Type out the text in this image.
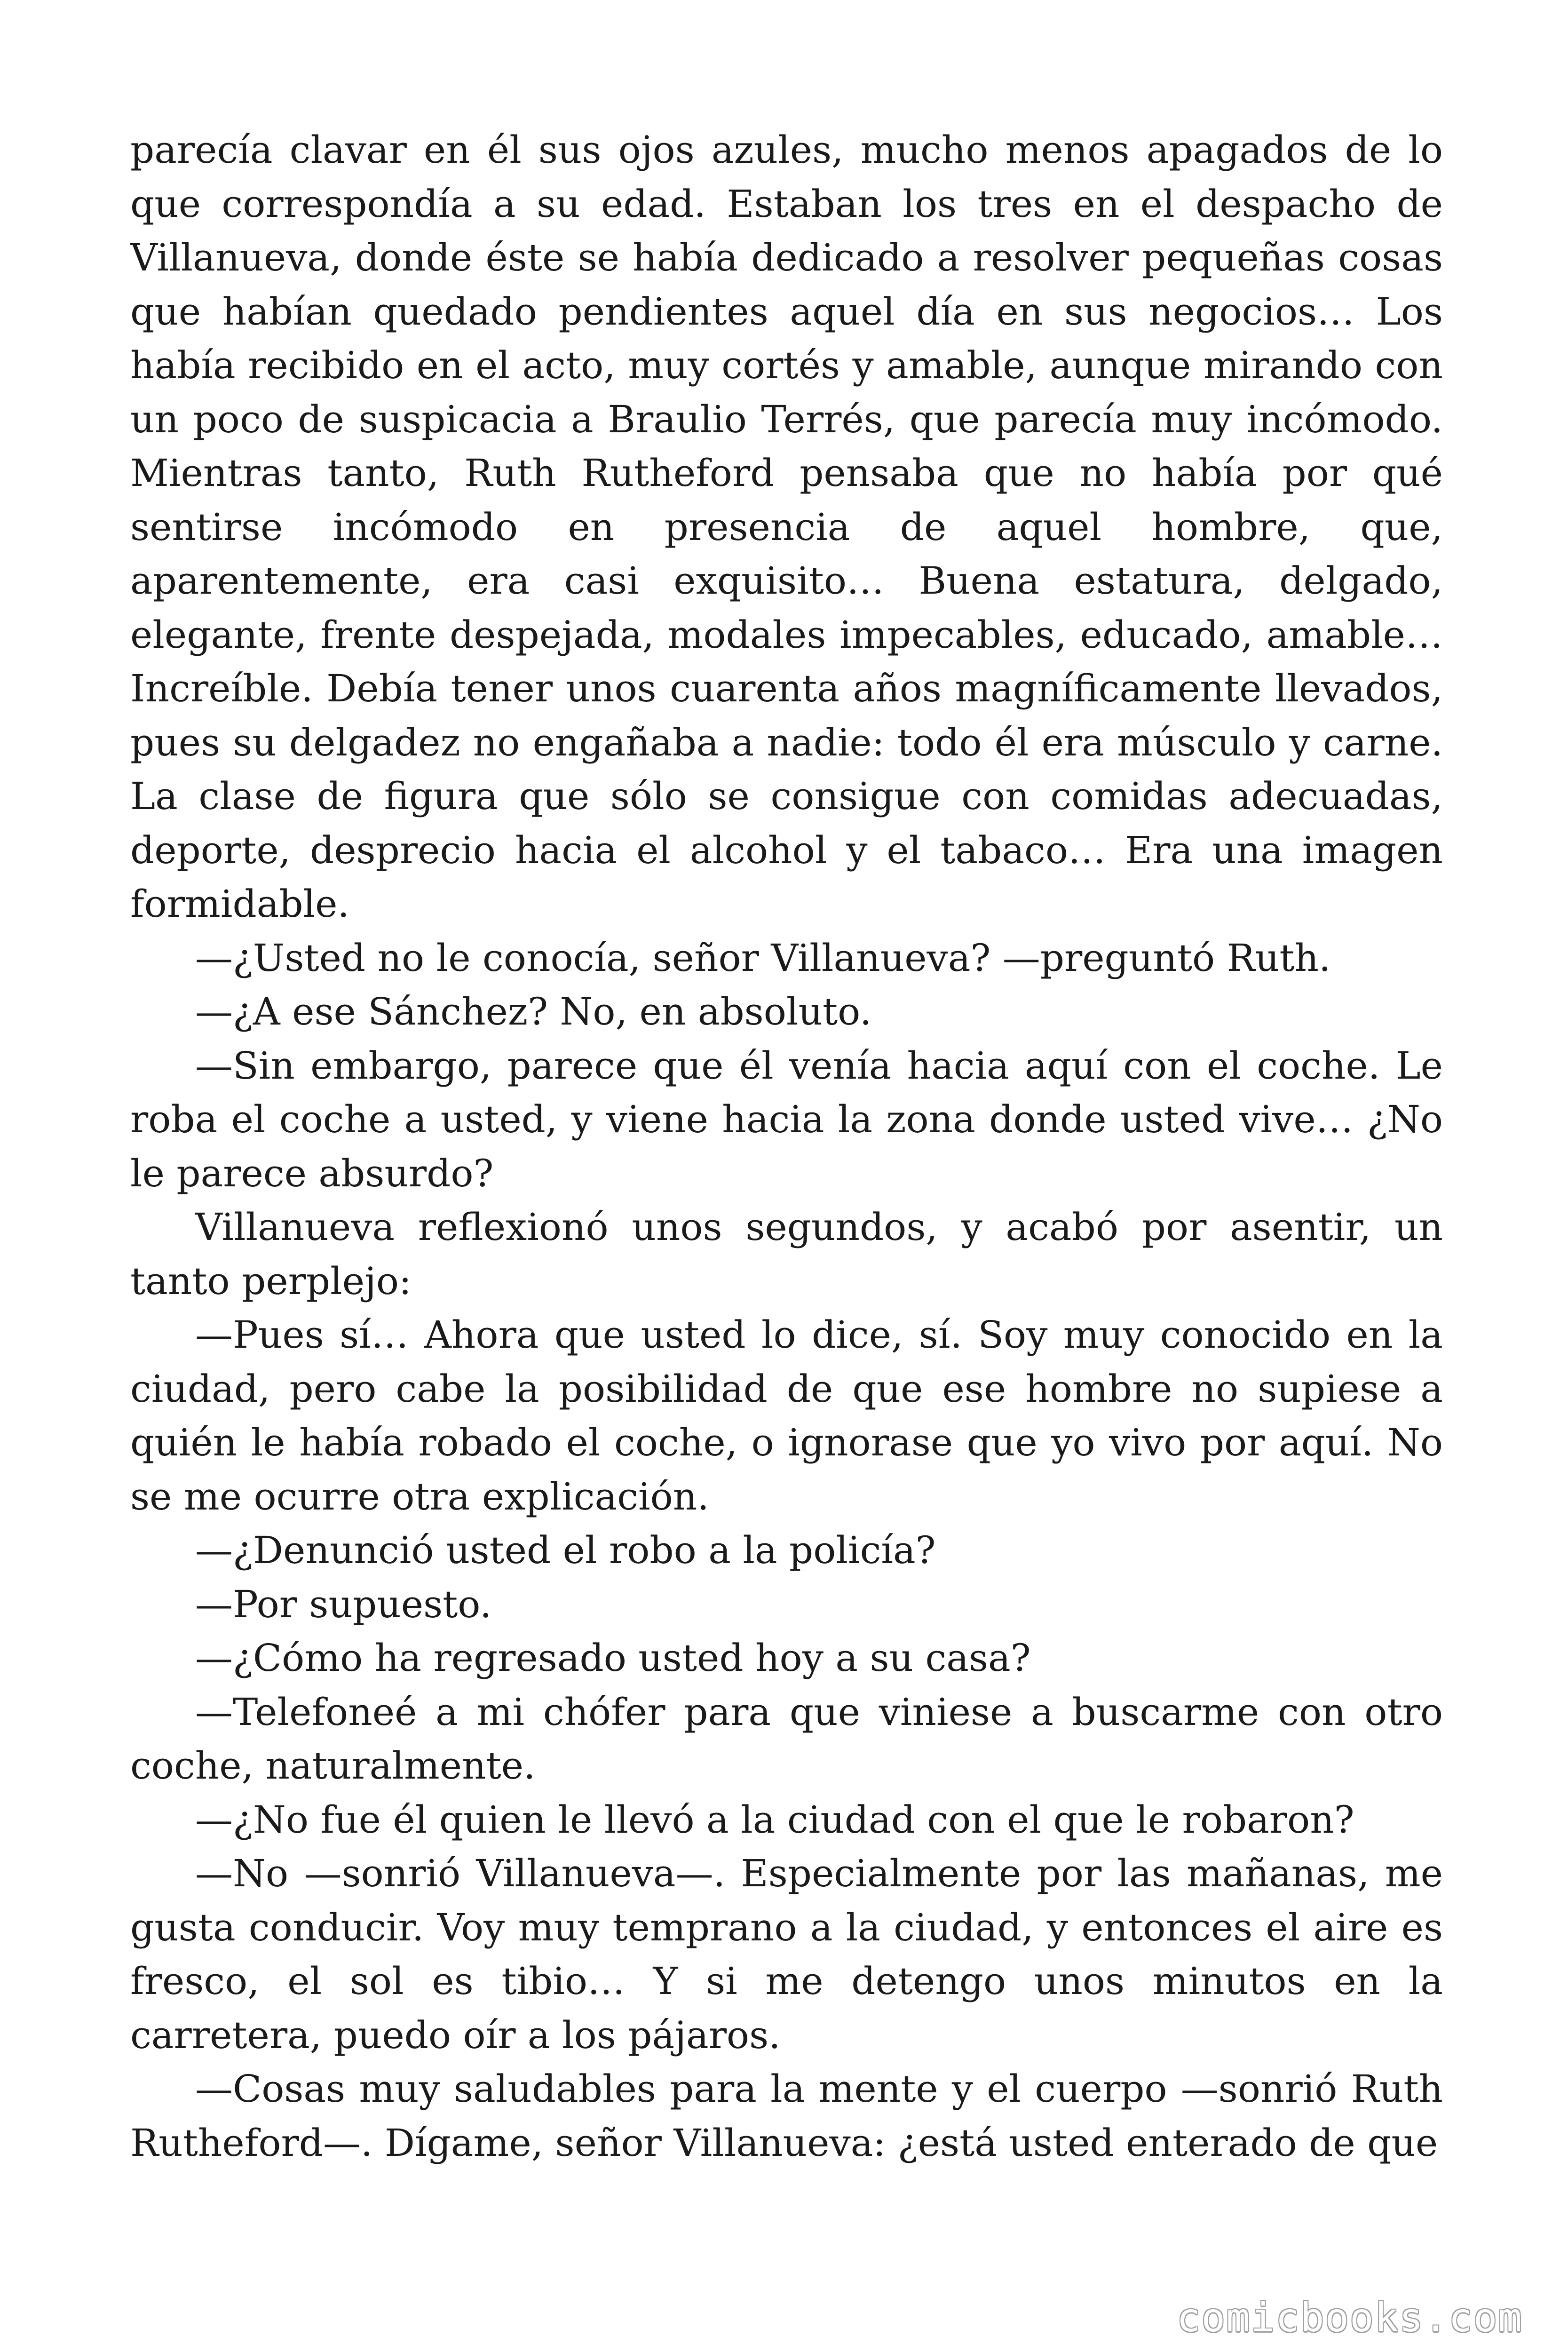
parecía clavar en él sus ojos azules, mucho menos apagados de lo que correspondía a su edad. Estaban los tres en el despacho de Villanueva, donde éste se había dedicado a resolver pequeñas cosas que habían quedado pendientes aquel día en sus negocios… Los había recibido en el acto, muy cortés y amable, aunque mirando con un poco de suspicacia a Braulio Terrés, que parecía muy incómodo. Mientras tanto, Ruth Rutheford pensaba que no había por qué sentirse incómodo en presencia de aquel hombre, que, aparentemente, era casi exquisito… Buena estatura, delgado, elegante, frente despejada, modales impecables, educado, amable… Increíble. Debía tener unos cuarenta años magníficamente llevados, pues su delgadez no engañaba a nadie: todo él era músculo y carne. La clase de figura que sólo se consigue con comidas adecuadas, deporte, desprecio hacia el alcohol y el tabaco… Era una imagen formidable.

—¿Usted no le conocía, señor Villanueva? —preguntó Ruth.

—¿A ese Sánchez? No, en absoluto.

—Sin embargo, parece que él venía hacia aquí con el coche. Le roba el coche a usted, y viene hacia la zona donde usted vive… ¿No le parece absurdo?

Villanueva reflexionó unos segundos, y acabó por asentir, un tanto perplejo:

—Pues sí… Ahora que usted lo dice, sí. Soy muy conocido en la ciudad, pero cabe la posibilidad de que ese hombre no supiese a quién le había robado el coche, o ignorase que yo vivo por aquí. No se me ocurre otra explicación.

—¿Denunció usted el robo a la policía?

—Por supuesto.

—¿Cómo ha regresado usted hoy a su casa?

—Telefoneé a mi chófer para que viniese a buscarme con otro coche, naturalmente.

—¿No fue él quien le llevó a la ciudad con el que le robaron?

—No —sonrió Villanueva—. Especialmente por las mañanas, me gusta conducir. Voy muy temprano a la ciudad, y entonces el aire es fresco, el sol es tibio… Y si me detengo unos minutos en la carretera, puedo oír a los pájaros.

—Cosas muy saludables para la mente y el cuerpo —sonrió Ruth Rutheford—. Dígame, señor Villanueva: ¿está usted enterado de que

comicbooks.com
